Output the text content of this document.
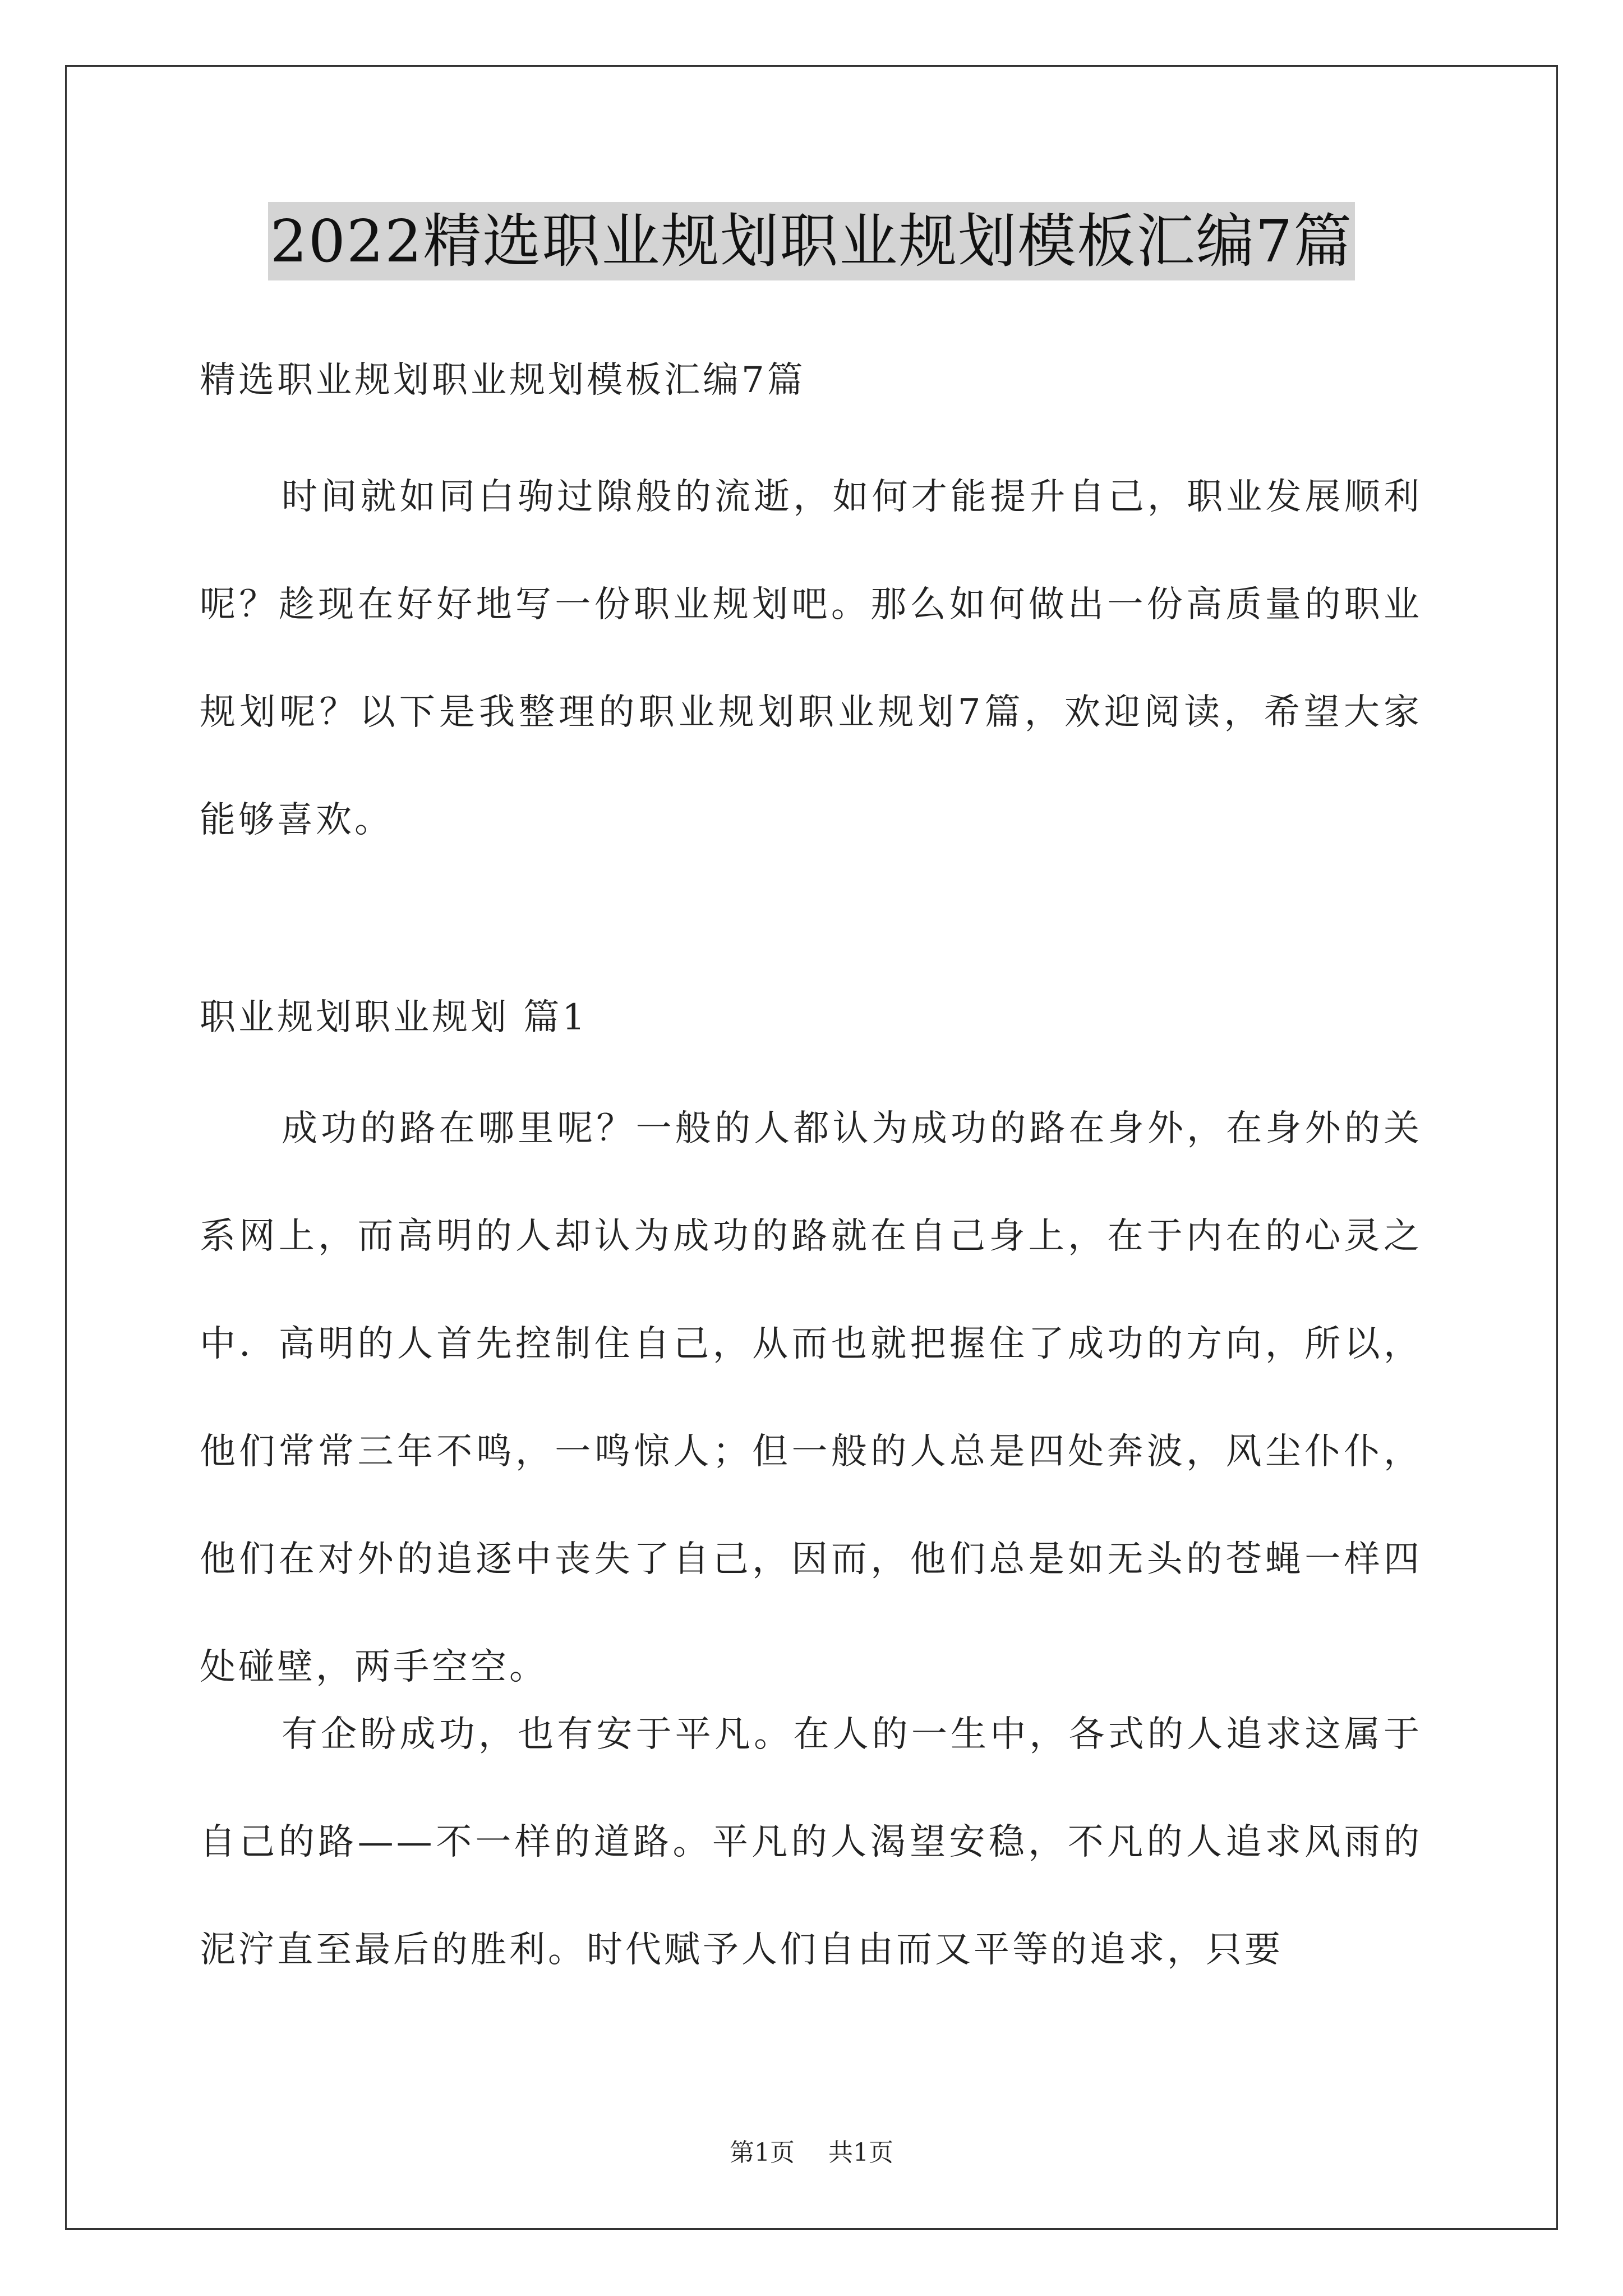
2022精选职业规划职业规划模板汇编7篇
精选职业规划职业规划模板汇编7篇

时间就如同白驹过隙般的流逝，如何才能提升自己，职业发展顺利呢？趁现在好好地写一份职业规划吧。那么如何做出一份高质量的职业规划呢？以下是我整理的职业规划职业规划7篇，欢迎阅读，希望大家能够喜欢。

职业规划职业规划 篇1

成功的路在哪里呢？一般的人都认为成功的路在身外，在身外的关系网上，而高明的人却认为成功的路就在自己身上，在于内在的心灵之中．高明的人首先控制住自己，从而也就把握住了成功的方向，所以，他们常常三年不鸣，一鸣惊人；但一般的人总是四处奔波，风尘仆仆，他们在对外的追逐中丧失了自己，因而，他们总是如无头的苍蝇一样四处碰壁，两手空空。

有企盼成功，也有安于平凡。在人的一生中，各式的人追求这属于自己的路——不一样的道路。平凡的人渴望安稳，不凡的人追求风雨的泥泞直至最后的胜利。时代赋予人们自由而又平等的追求，只要

第1页 共1页
